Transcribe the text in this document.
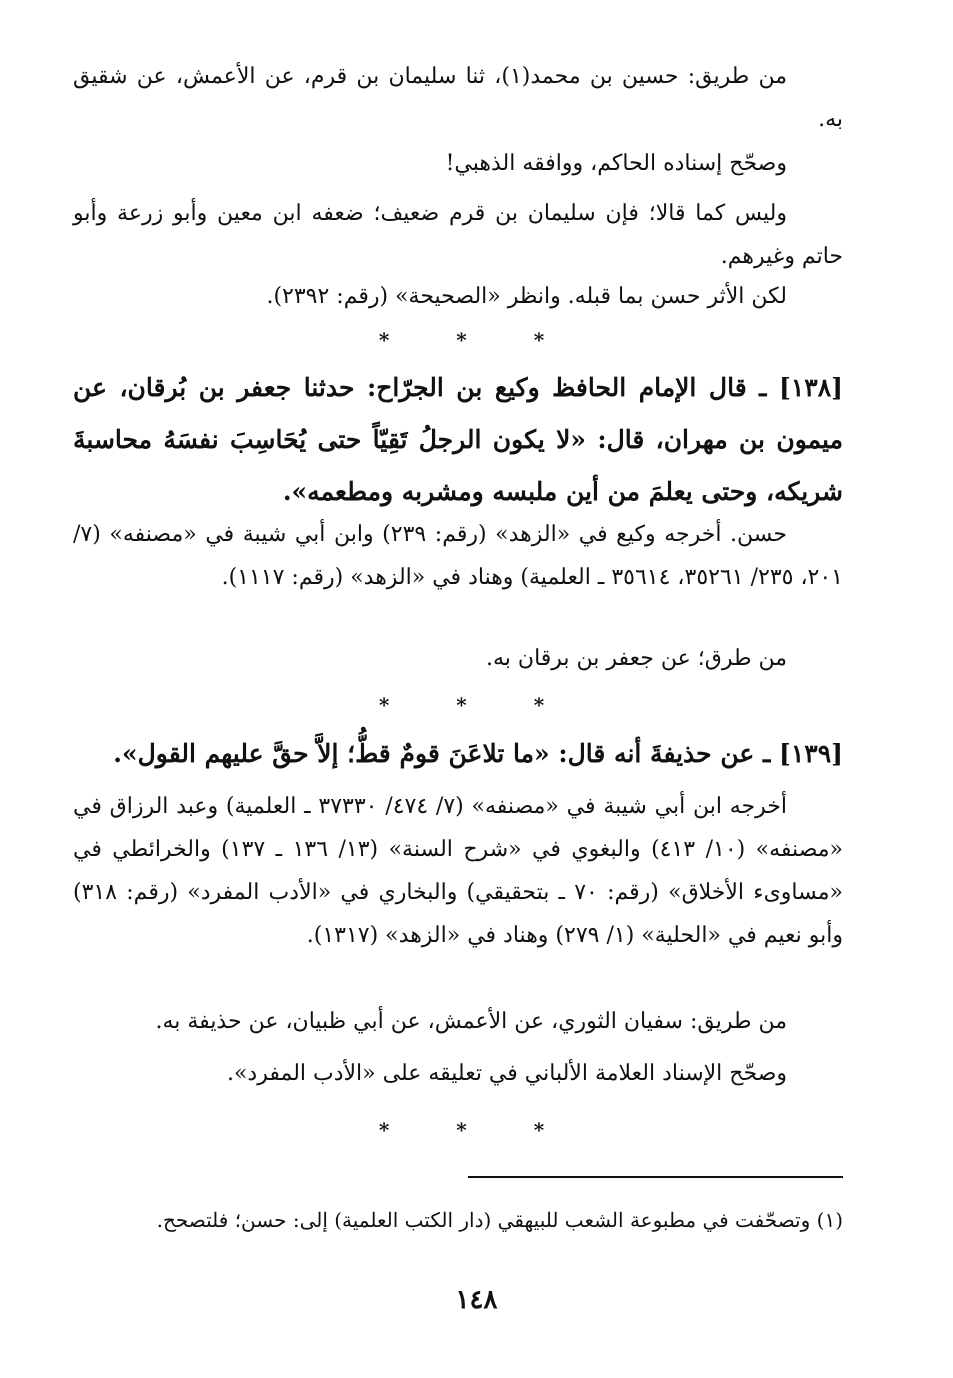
من طريق: حسين بن محمد(١)، ثنا سليمان بن قرم، عن الأعمش، عن شقيق به.

وصحّح إسناده الحاكم، ووافقه الذهبي!

وليس كما قالا؛ فإن سليمان بن قرم ضعيف؛ ضعفه ابن معين وأبو زرعة وأبو حاتم وغيرهم.

لكن الأثر حسن بما قبله. وانظر «الصحيحة» (رقم: ٢٣٩٢).

* * *

[١٣٨] ـ قال الإمام الحافظ وكيع بن الجرّاح: حدثنا جعفر بن بُرقان، عن ميمون بن مهران، قال: «لا يكون الرجلُ تَقِيّاً حتى يُحَاسِبَ نفسَهُ محاسبةَ شريكه، وحتى يعلمَ من أين ملبسه ومشربه ومطعمه».

حسن. أخرجه وكيع في «الزهد» (رقم: ٢٣٩) وابن أبي شيبة في «مصنفه» (٧/ ٢٠١، ٢٣٥/ ٣٥٢٦١، ٣٥٦١٤ ـ العلمية) وهناد في «الزهد» (رقم: ١١١٧).

من طرق؛ عن جعفر بن برقان به.

* * *

[١٣٩] ـ عن حذيفةَ أنه قال: «ما تلاعَنَ قومٌ قطُّ؛ إلاَّ حقَّ عليهم القول».

أخرجه ابن أبي شيبة في «مصنفه» (٧/ ٤٧٤/ ٣٧٣٣٠ ـ العلمية) وعبد الرزاق في «مصنفه» (١٠/ ٤١٣) والبغوي في «شرح السنة» (١٣/ ١٣٦ ـ ١٣٧) والخرائطي في «مساوىء الأخلاق» (رقم: ٧٠ ـ بتحقيقي) والبخاري في «الأدب المفرد» (رقم: ٣١٨) وأبو نعيم في «الحلية» (١/ ٢٧٩) وهناد في «الزهد» (١٣١٧).

من طريق: سفيان الثوري، عن الأعمش، عن أبي ظبيان، عن حذيفة به.

وصحّح الإسناد العلامة الألباني في تعليقه على «الأدب المفرد».

* * *
(١) وتصحّفت في مطبوعة الشعب للبيهقي (دار الكتب العلمية) إلى: حسن؛ فلتصحح.
١٤٨
